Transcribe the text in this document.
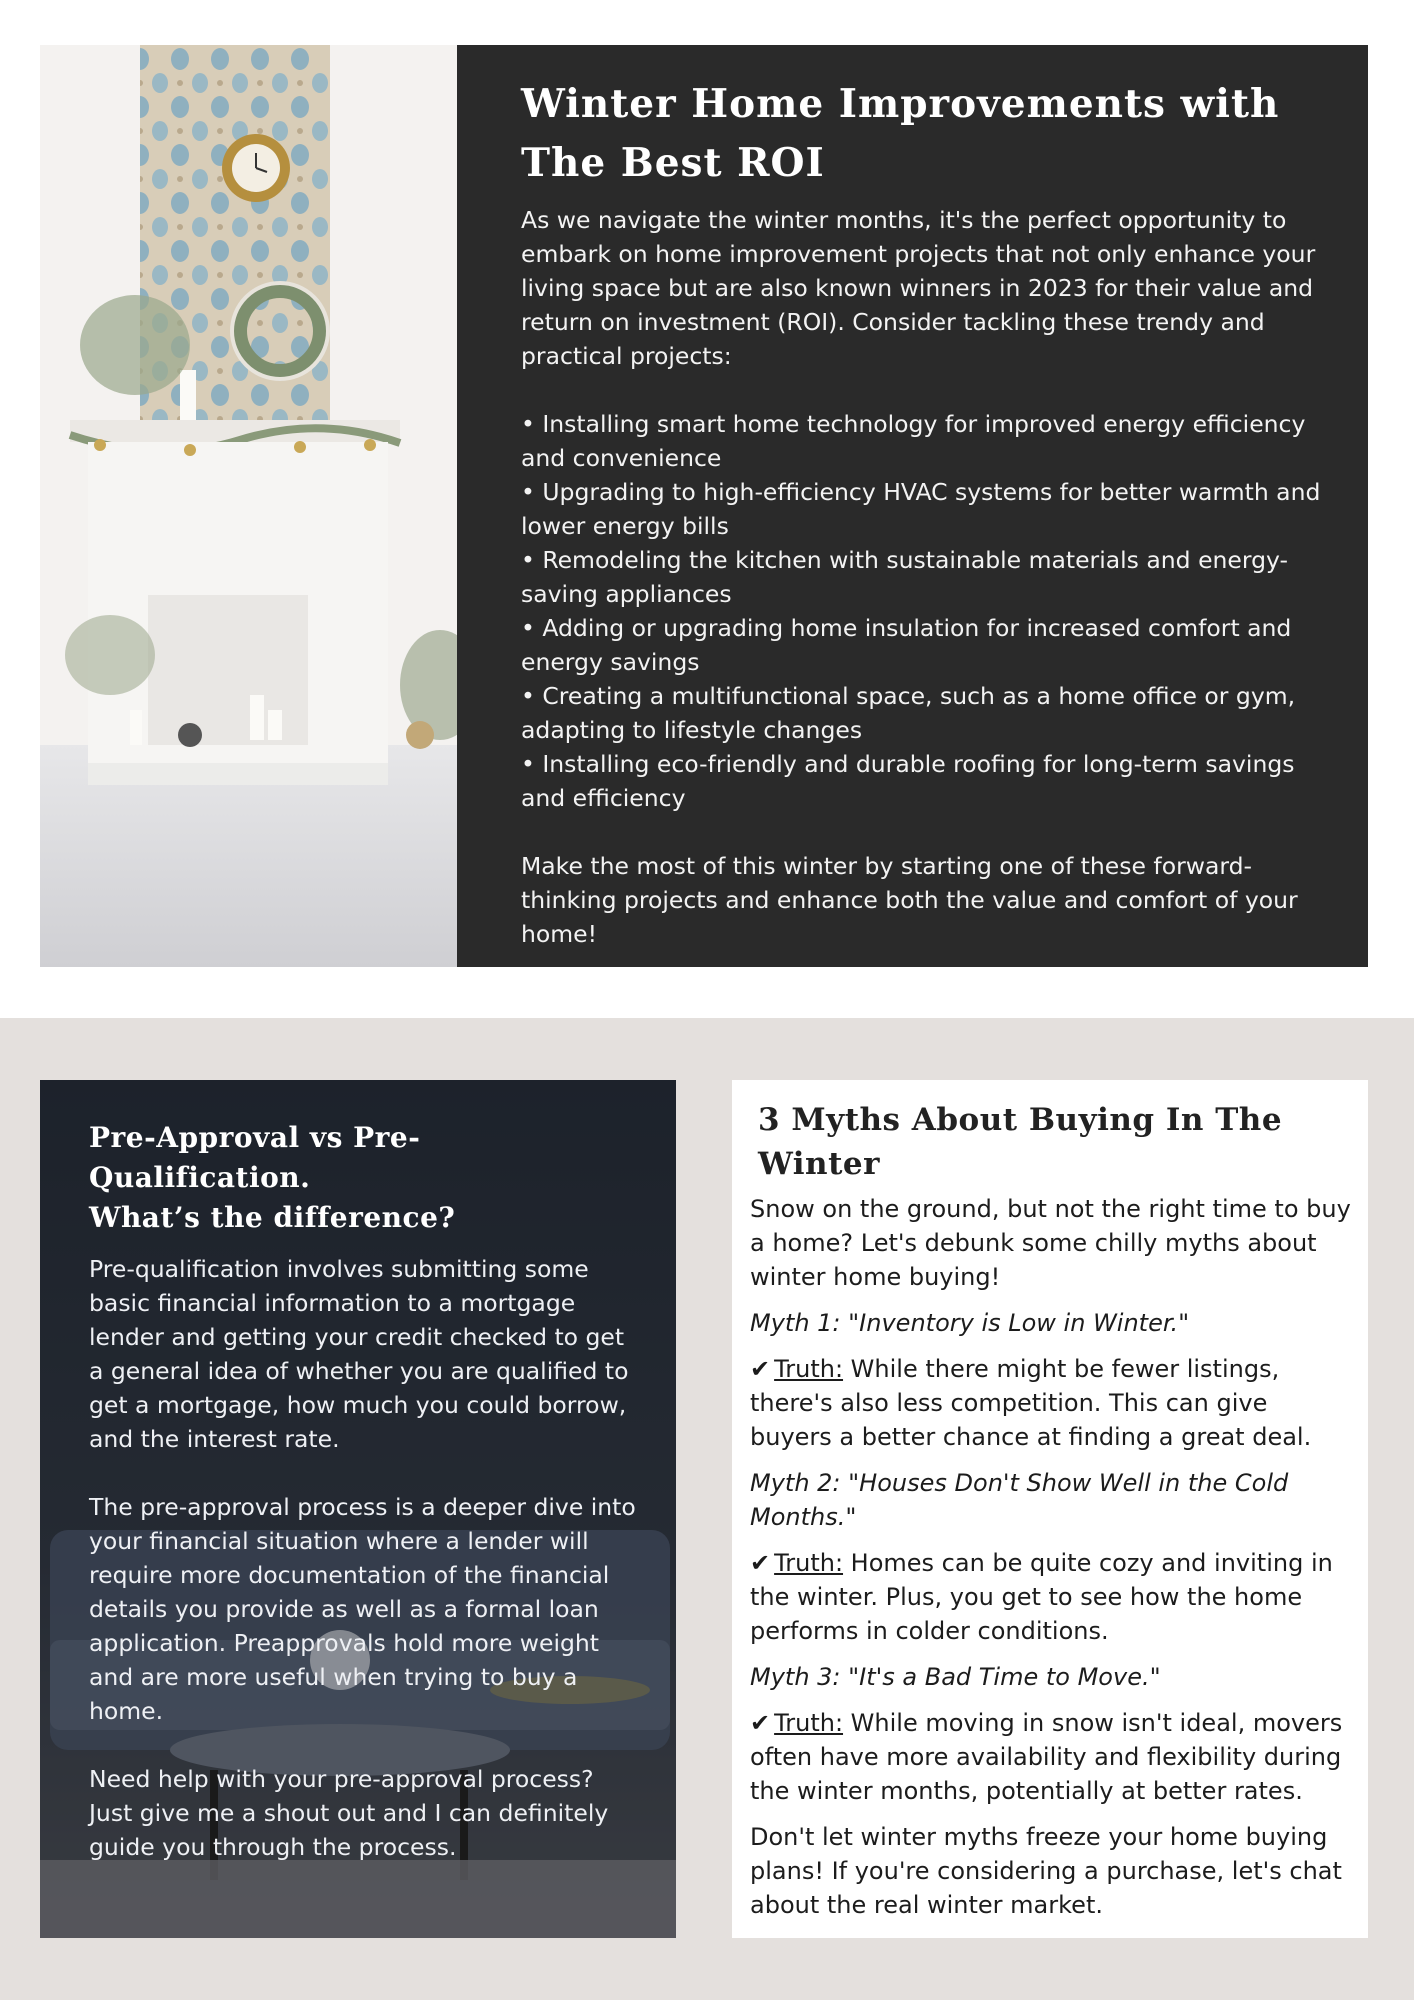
Winter Home Improvements with
The Best ROI

As we navigate the winter months, it's the perfect opportunity to embark on home improvement projects that not only enhance your living space but are also known winners in 2023 for their value and return on investment (ROI). Consider tackling these trendy and practical projects:

• Installing smart home technology for improved energy efficiency and convenience
• Upgrading to high-efficiency HVAC systems for better warmth and lower energy bills
• Remodeling the kitchen with sustainable materials and energy-saving appliances
• Adding or upgrading home insulation for increased comfort and energy savings
• Creating a multifunctional space, such as a home office or gym, adapting to lifestyle changes
• Installing eco-friendly and durable roofing for long-term savings and efficiency

Make the most of this winter by starting one of these forward-thinking projects and enhance both the value and comfort of your home!

Pre-Approval vs Pre-Qualification.
What’s the difference?

Pre-qualification involves submitting some basic financial information to a mortgage lender and getting your credit checked to get a general idea of whether you are qualified to get a mortgage, how much you could borrow, and the interest rate.

The pre-approval process is a deeper dive into your financial situation where a lender will require more documentation of the financial details you provide as well as a formal loan application. Preapprovals hold more weight and are more useful when trying to buy a home.

Need help with your pre-approval process? Just give me a shout out and I can definitely guide you through the process.

3 Myths About Buying In The Winter

Snow on the ground, but not the right time to buy a home? Let's debunk some chilly myths about winter home buying!

Myth 1: "Inventory is Low in Winter."

✔ Truth: While there might be fewer listings, there's also less competition. This can give buyers a better chance at finding a great deal.

Myth 2: "Houses Don't Show Well in the Cold Months."

✔ Truth: Homes can be quite cozy and inviting in the winter. Plus, you get to see how the home performs in colder conditions.

Myth 3: "It's a Bad Time to Move."

✔ Truth: While moving in snow isn't ideal, movers often have more availability and flexibility during the winter months, potentially at better rates.

Don't let winter myths freeze your home buying plans! If you're considering a purchase, let's chat about the real winter market.
